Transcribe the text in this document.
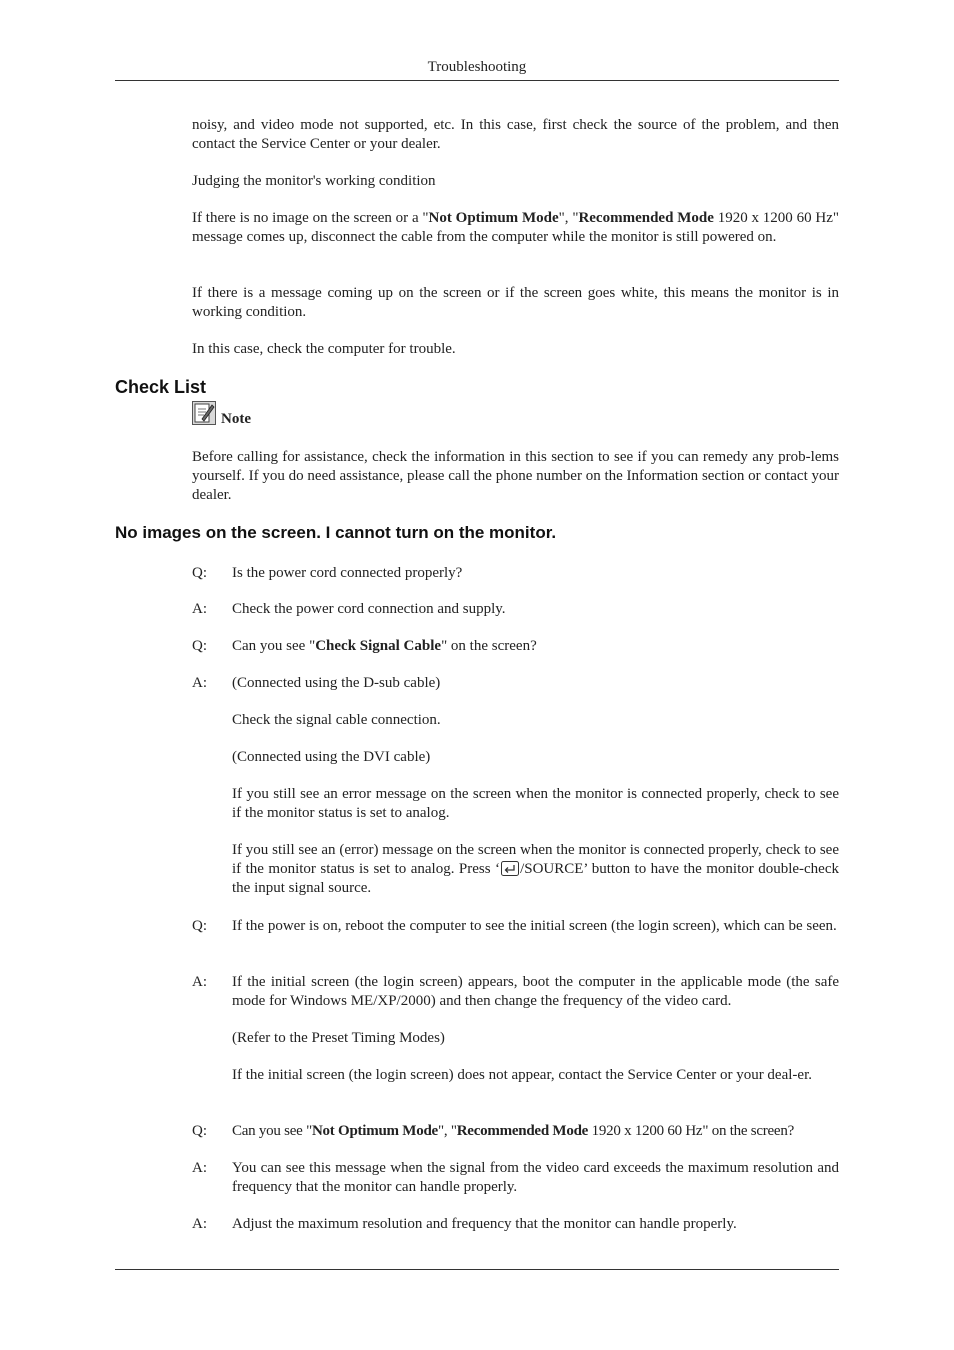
Troubleshooting
noisy, and video mode not supported, etc. In this case, first check the source of the problem, and then contact the Service Center or your dealer.
Judging the monitor's working condition
If there is no image on the screen or a "Not Optimum Mode", "Recommended Mode 1920 x 1200 60 Hz" message comes up, disconnect the cable from the computer while the monitor is still powered on.
If there is a message coming up on the screen or if the screen goes white, this means the monitor is in working condition.
In this case, check the computer for trouble.
Check List
Note
Before calling for assistance, check the information in this section to see if you can remedy any prob-lems yourself. If you do need assistance, please call the phone number on the Information section or contact your dealer.
No images on the screen. I cannot turn on the monitor.
Q:	Is the power cord connected properly?
A:	Check the power cord connection and supply.
Q:	Can you see "Check Signal Cable" on the screen?
A:	(Connected using the D-sub cable)
Check the signal cable connection.
(Connected using the DVI cable)
If you still see an error message on the screen when the monitor is connected properly, check to see if the monitor status is set to analog.
If you still see an (error) message on the screen when the monitor is connected properly, check to see if the monitor status is set to analog. Press ‘ /SOURCE’ button to have the monitor double-check the input signal source.
Q:	If the power is on, reboot the computer to see the initial screen (the login screen), which can be seen.
A:	If the initial screen (the login screen) appears, boot the computer in the applicable mode (the safe mode for Windows ME/XP/2000) and then change the frequency of the video card.
(Refer to the Preset Timing Modes)
If the initial screen (the login screen) does not appear, contact the Service Center or your deal-er.
Q:	Can you see "Not Optimum Mode", "Recommended Mode 1920 x 1200 60 Hz" on the screen?
A:	You can see this message when the signal from the video card exceeds the maximum resolution and frequency that the monitor can handle properly.
A:	Adjust the maximum resolution and frequency that the monitor can handle properly.
